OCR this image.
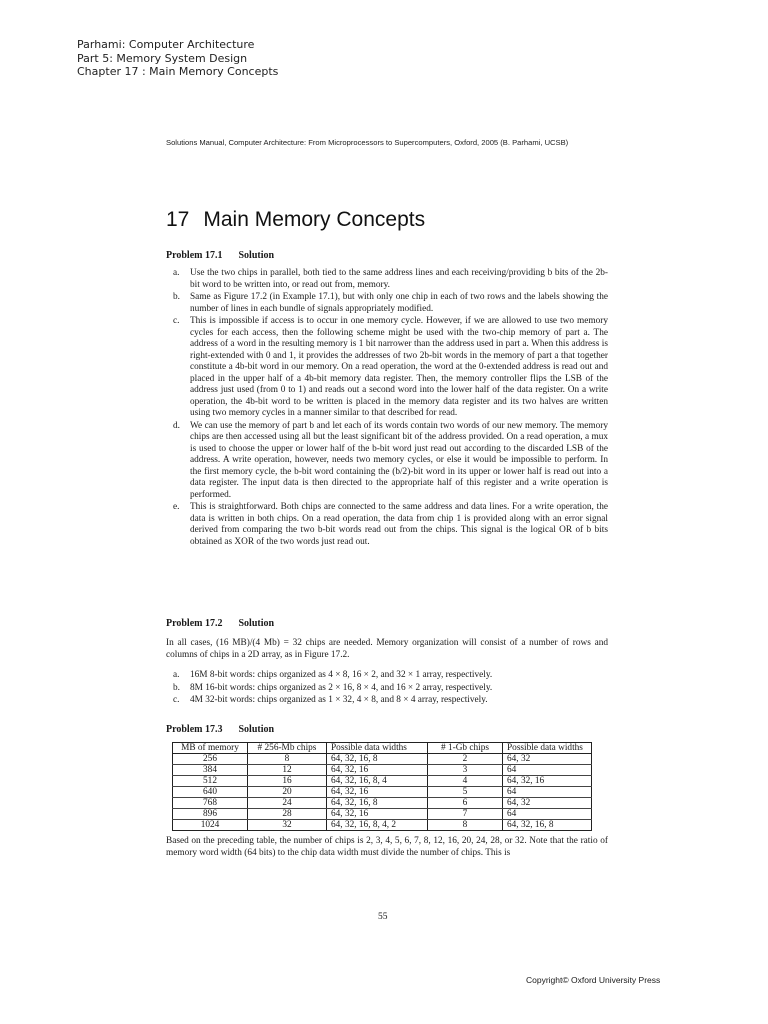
Parhami: Computer Architecture
Part 5: Memory System Design
Chapter 17 : Main Memory Concepts
Solutions Manual, Computer Architecture: From Microprocessors to Supercomputers, Oxford, 2005 (B. Parhami, UCSB)
17 Main Memory Concepts
Problem 17.1 Solution
a. Use the two chips in parallel, both tied to the same address lines and each receiving/providing b bits of the 2b-bit word to be written into, or read out from, memory.
b. Same as Figure 17.2 (in Example 17.1), but with only one chip in each of two rows and the labels showing the number of lines in each bundle of signals appropriately modified.
c. This is impossible if access is to occur in one memory cycle. However, if we are allowed to use two memory cycles for each access, then the following scheme might be used with the two-chip memory of part a. The address of a word in the resulting memory is 1 bit narrower than the address used in part a. When this address is right-extended with 0 and 1, it provides the addresses of two 2b-bit words in the memory of part a that together constitute a 4b-bit word in our memory. On a read operation, the word at the 0-extended address is read out and placed in the upper half of a 4b-bit memory data register. Then, the memory controller flips the LSB of the address just used (from 0 to 1) and reads out a second word into the lower half of the data register. On a write operation, the 4b-bit word to be written is placed in the memory data register and its two halves are written using two memory cycles in a manner similar to that described for read.
d. We can use the memory of part b and let each of its words contain two words of our new memory. The memory chips are then accessed using all but the least significant bit of the address provided. On a read operation, a mux is used to choose the upper or lower half of the b-bit word just read out according to the discarded LSB of the address. A write operation, however, needs two memory cycles, or else it would be impossible to perform. In the first memory cycle, the b-bit word containing the (b/2)-bit word in its upper or lower half is read out into a data register. The input data is then directed to the appropriate half of this register and a write operation is performed.
e. This is straightforward. Both chips are connected to the same address and data lines. For a write operation, the data is written in both chips. On a read operation, the data from chip 1 is provided along with an error signal derived from comparing the two b-bit words read out from the chips. This signal is the logical OR of b bits obtained as XOR of the two words just read out.
Problem 17.2 Solution
In all cases, (16 MB)/(4 Mb) = 32 chips are needed. Memory organization will consist of a number of rows and columns of chips in a 2D array, as in Figure 17.2.
a. 16M 8-bit words: chips organized as 4 × 8, 16 × 2, and 32 × 1 array, respectively.
b. 8M 16-bit words: chips organized as 2 × 16, 8 × 4, and 16 × 2 array, respectively.
c. 4M 32-bit words: chips organized as 1 × 32, 4 × 8, and 8 × 4 array, respectively.
Problem 17.3 Solution
MB of memory	# 256-Mb chips	Possible data widths	# 1-Gb chips	Possible data widths
256	8	64, 32, 16, 8	2	64, 32
384	12	64, 32, 16	3	64
512	16	64, 32, 16, 8, 4	4	64, 32, 16
640	20	64, 32, 16	5	64
768	24	64, 32, 16, 8	6	64, 32
896	28	64, 32, 16	7	64
1024	32	64, 32, 16, 8, 4, 2	8	64, 32, 16, 8
Based on the preceding table, the number of chips is 2, 3, 4, 5, 6, 7, 8, 12, 16, 20, 24, 28, or 32. Note that the ratio of memory word width (64 bits) to the chip data width must divide the number of chips. This is
55
Copyright© Oxford University Press
